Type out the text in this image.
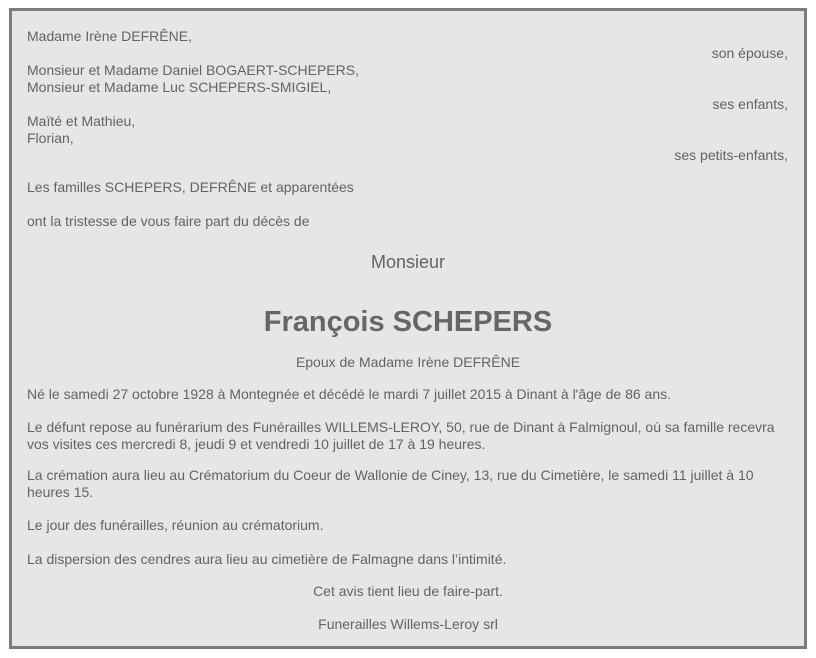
Madame Irène DEFRÊNE,
son épouse,
Monsieur et Madame Daniel BOGAERT-SCHEPERS,
Monsieur et Madame Luc SCHEPERS-SMIGIEL,
ses enfants,
Maïté et Mathieu,
Florian,
ses petits-enfants,
Les familles SCHEPERS, DEFRÊNE et apparentées
ont la tristesse de vous faire part du décès de
Monsieur
François SCHEPERS
Epoux de Madame Irène DEFRÊNE
Né le samedi 27 octobre 1928 à Montegnée et décédé le mardi 7 juillet 2015 à Dinant à l'âge de 86 ans.
Le défunt repose au funérarium des Funérailles WILLEMS-LEROY, 50, rue de Dinant à Falmignoul, où sa famille recevra vos visites ces mercredi 8, jeudi 9 et vendredi 10 juillet de 17 à 19 heures.
La crémation aura lieu au Crématorium du Coeur de Wallonie de Ciney, 13, rue du Cimetière, le samedi 11 juillet à 10 heures 15.
Le jour des funérailles, réunion au crématorium.
La dispersion des cendres aura lieu au cimetière de Falmagne dans l’intimité.
Cet avis tient lieu de faire-part.
Funerailles Willems-Leroy srl
